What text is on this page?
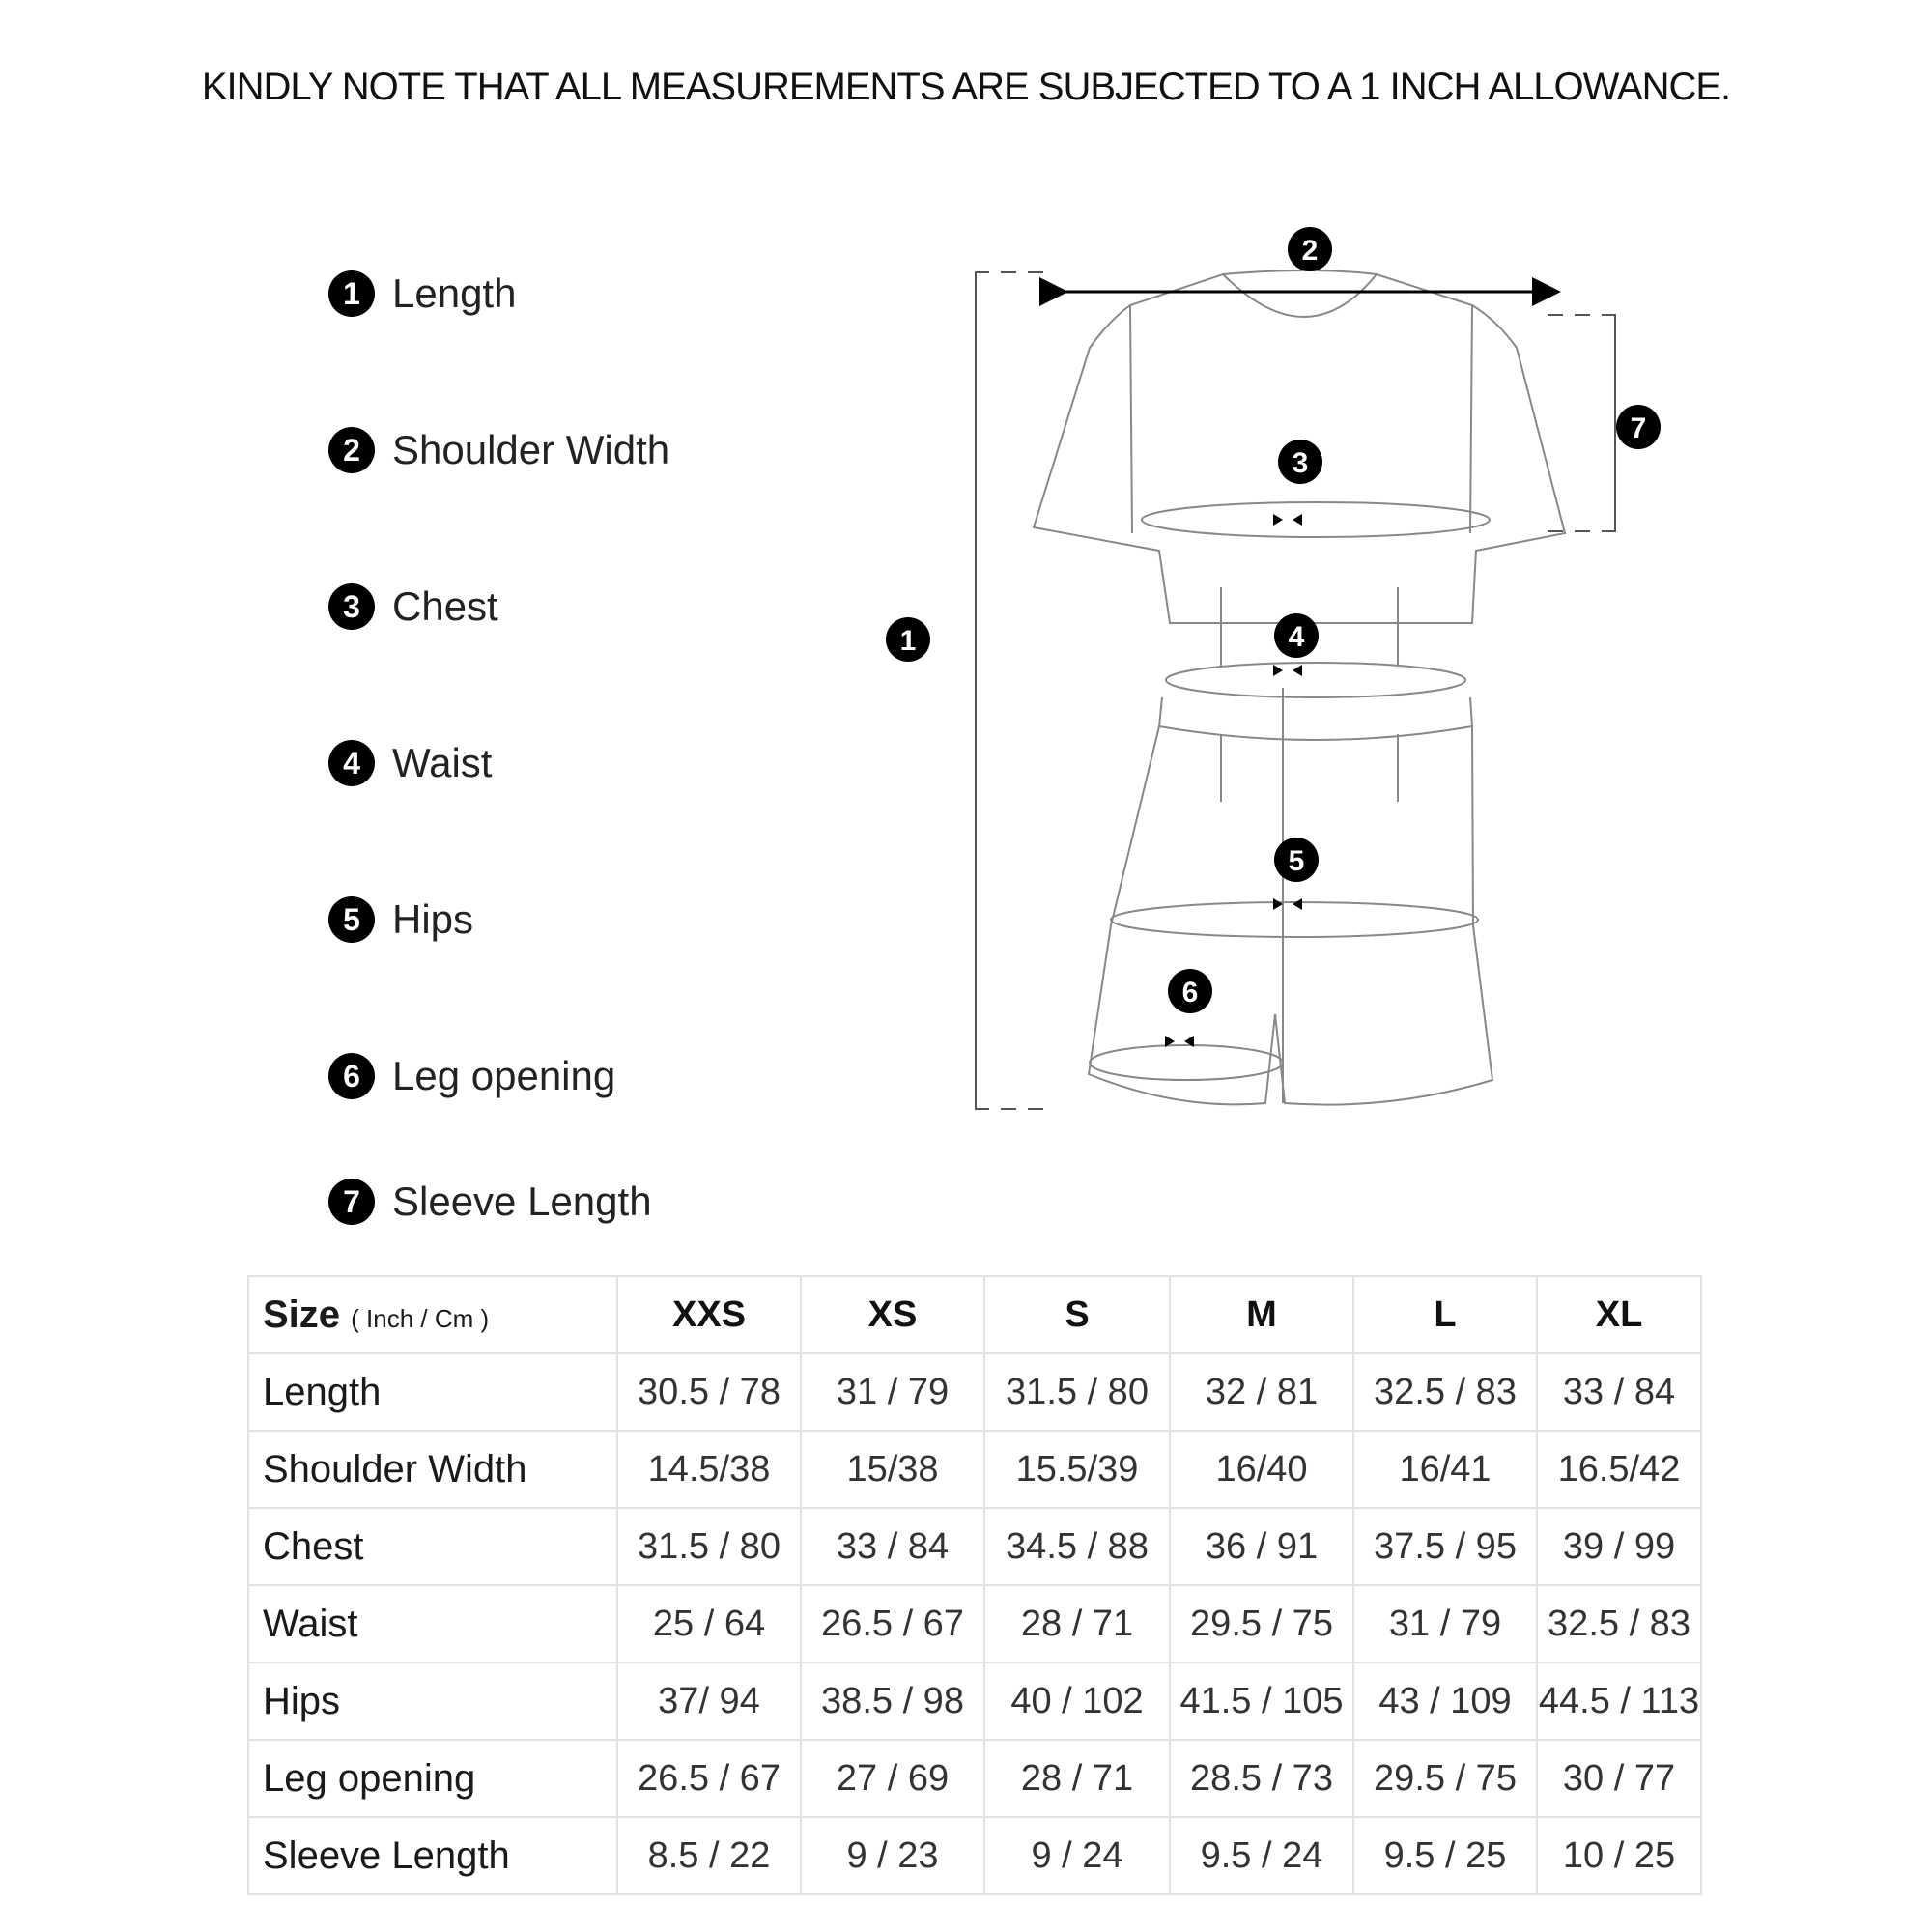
KINDLY NOTE THAT ALL MEASUREMENTS ARE SUBJECTED TO A 1 INCH ALLOWANCE.
1 Length
2 Shoulder Width
3 Chest
4 Waist
5 Hips
6 Leg opening
7 Sleeve Length
1
2
3
4
5
6
7
Size ( Inch / Cm )	XXS	XS	S	M	L	XL
Length	30.5 / 78	31 / 79	31.5 / 80	32 / 81	32.5 / 83	33 / 84
Shoulder Width	14.5/38	15/38	15.5/39	16/40	16/41	16.5/42
Chest	31.5 / 80	33 / 84	34.5 / 88	36 / 91	37.5 / 95	39 / 99
Waist	25 / 64	26.5 / 67	28 / 71	29.5 / 75	31 / 79	32.5 / 83
Hips	37/ 94	38.5 / 98	40 / 102	41.5 / 105	43 / 109	44.5 / 113
Leg opening	26.5 / 67	27 / 69	28 / 71	28.5 / 73	29.5 / 75	30 / 77
Sleeve Length	8.5 / 22	9 / 23	9 / 24	9.5 / 24	9.5 / 25	10 / 25
